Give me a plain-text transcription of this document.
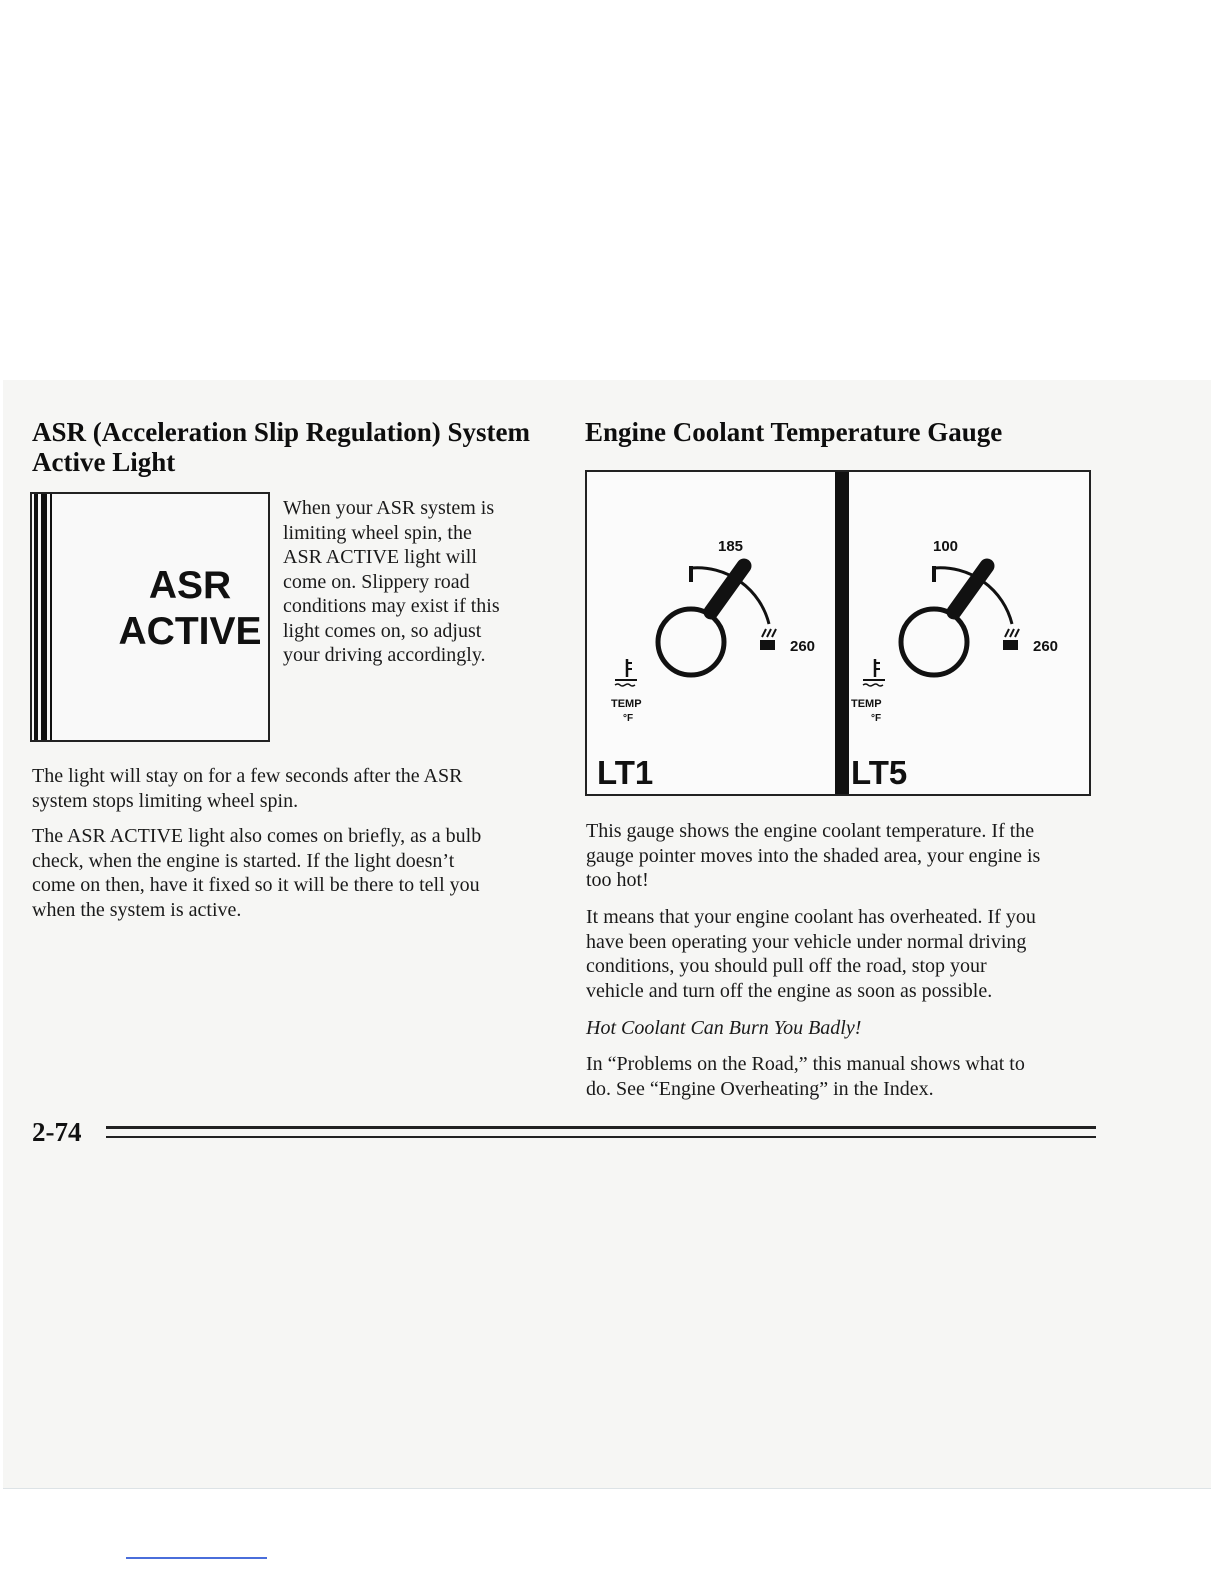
ASR (Acceleration Slip Regulation) System Active Light
ASR
ACTIVE
When your ASR system is
limiting wheel spin, the
ASR ACTIVE light will
come on. Slippery road
conditions may exist if this
light comes on, so adjust
your driving accordingly.
The light will stay on for a few seconds after the ASR
system stops limiting wheel spin.
The ASR ACTIVE light also comes on briefly, as a bulb
check, when the engine is started. If the light doesn’t
come on then, have it fixed so it will be there to tell you
when the system is active.
Engine Coolant Temperature Gauge
185
260
TEMP
°F
LT1
100
260
TEMP
°F
LT5
This gauge shows the engine coolant temperature. If the
gauge pointer moves into the shaded area, your engine is
too hot!
It means that your engine coolant has overheated. If you
have been operating your vehicle under normal driving
conditions, you should pull off the road, stop your
vehicle and turn off the engine as soon as possible.
Hot Coolant Can Burn You Badly!
In “Problems on the Road,” this manual shows what to
do. See “Engine Overheating” in the Index.
2-74
